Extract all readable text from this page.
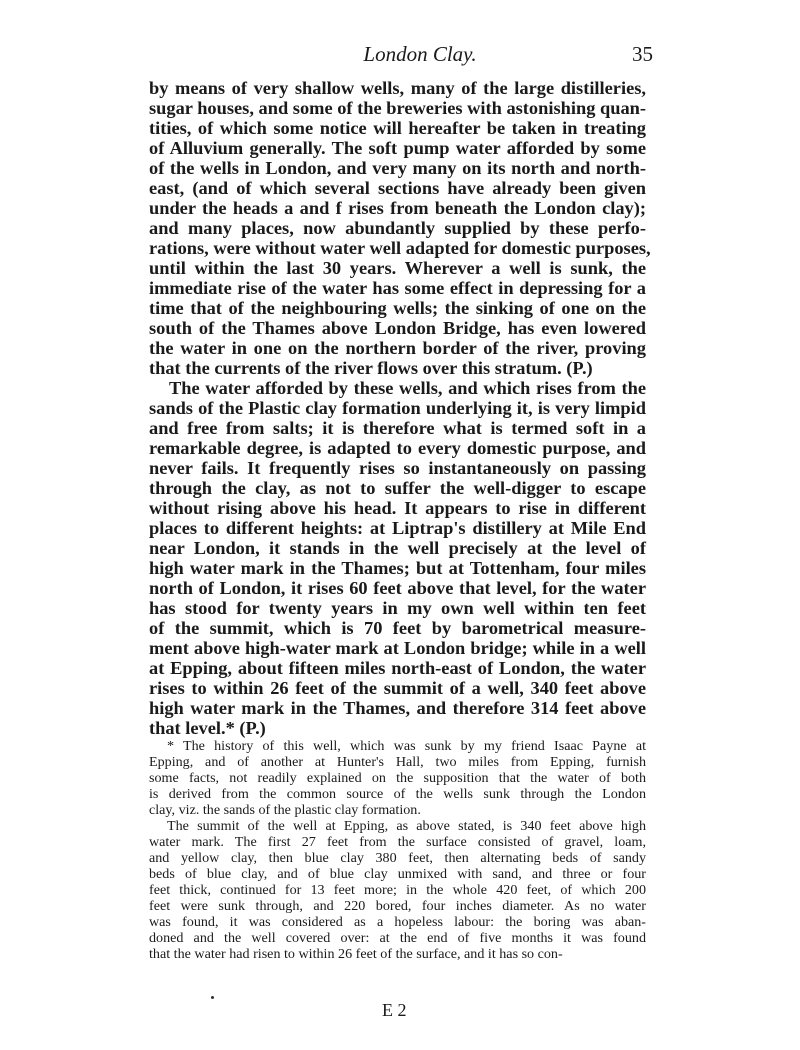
London Clay.	35
by means of very shallow wells, many of the large distilleries,
sugar houses, and some of the breweries with astonishing quan-
tities, of which some notice will hereafter be taken in treating
of Alluvium generally. The soft pump water afforded by some
of the wells in London, and very many on its north and north-
east, (and of which several sections have already been given
under the heads a and f rises from beneath the London clay);
and many places, now abundantly supplied by these perfo-
rations, were without water well adapted for domestic purposes,
until within the last 30 years. Wherever a well is sunk, the
immediate rise of the water has some effect in depressing for a
time that of the neighbouring wells; the sinking of one on the
south of the Thames above London Bridge, has even lowered
the water in one on the northern border of the river, proving
that the currents of the river flows over this stratum. (P.)
The water afforded by these wells, and which rises from the
sands of the Plastic clay formation underlying it, is very limpid
and free from salts; it is therefore what is termed soft in a
remarkable degree, is adapted to every domestic purpose, and
never fails. It frequently rises so instantaneously on passing
through the clay, as not to suffer the well-digger to escape
without rising above his head. It appears to rise in different
places to different heights: at Liptrap's distillery at Mile End
near London, it stands in the well precisely at the level of
high water mark in the Thames; but at Tottenham, four miles
north of London, it rises 60 feet above that level, for the water
has stood for twenty years in my own well within ten feet
of the summit, which is 70 feet by barometrical measure-
ment above high-water mark at London bridge; while in a well
at Epping, about fifteen miles north-east of London, the water
rises to within 26 feet of the summit of a well, 340 feet above
high water mark in the Thames, and therefore 314 feet above
that level.* (P.)
* The history of this well, which was sunk by my friend Isaac Payne at
Epping, and of another at Hunter's Hall, two miles from Epping, furnish
some facts, not readily explained on the supposition that the water of both
is derived from the common source of the wells sunk through the London
clay, viz. the sands of the plastic clay formation.
The summit of the well at Epping, as above stated, is 340 feet above high
water mark. The first 27 feet from the surface consisted of gravel, loam,
and yellow clay, then blue clay 380 feet, then alternating beds of sandy
beds of blue clay, and of blue clay unmixed with sand, and three or four
feet thick, continued for 13 feet more; in the whole 420 feet, of which 200
feet were sunk through, and 220 bored, four inches diameter. As no water
was found, it was considered as a hopeless labour: the boring was aban-
doned and the well covered over: at the end of five months it was found
that the water had risen to within 26 feet of the surface, and it has so con-
E 2
